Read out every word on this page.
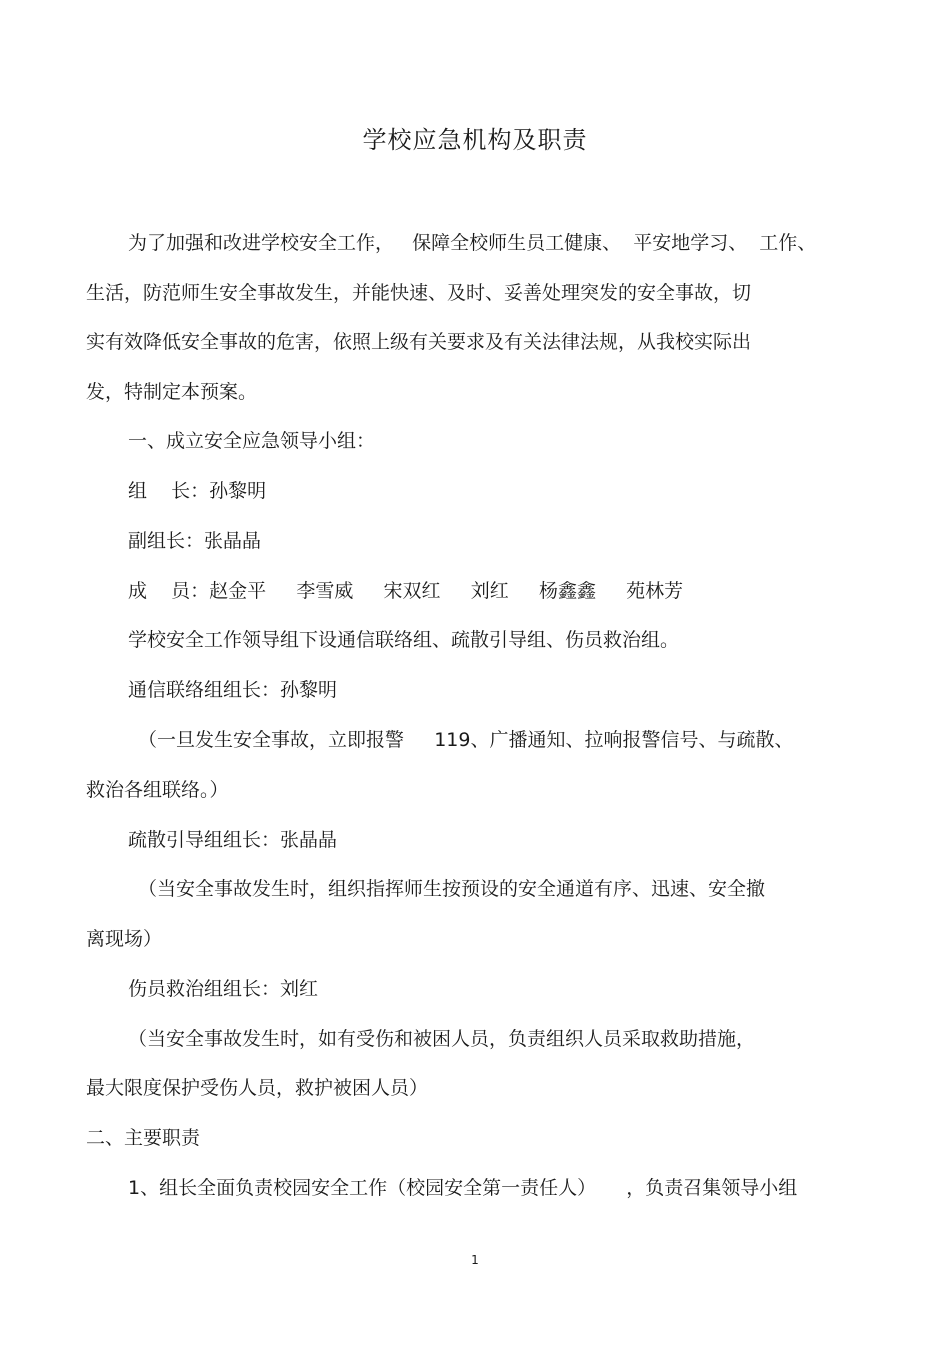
学校应急机构及职责
为了加强和改进学校安全工作，   保障全校师生员工健康、  平安地学习、  工作、
生活，防范师生安全事故发生，并能快速、及时、妥善处理突发的安全事故，切
实有效降低安全事故的危害，依照上级有关要求及有关法律法规，从我校实际出
发，特制定本预案。
一、成立安全应急领导小组：
组    长：孙黎明
副组长：张晶晶
成    员：赵金平     李雪威     宋双红     刘红     杨鑫鑫     苑林芳
学校安全工作领导组下设通信联络组、疏散引导组、伤员救治组。
通信联络组组长：孙黎明
（一旦发生安全事故，立即报警     119、广播通知、拉响报警信号、与疏散、
救治各组联络。）
疏散引导组组长：张晶晶
（当安全事故发生时，组织指挥师生按预设的安全通道有序、迅速、安全撤
离现场）
伤员救治组组长：刘红
（当安全事故发生时，如有受伤和被困人员，负责组织人员采取救助措施，
最大限度保护受伤人员，救护被困人员）
二、主要职责
1、组长全面负责校园安全工作（校园安全第一责任人）     ，负责召集领导小组
1
